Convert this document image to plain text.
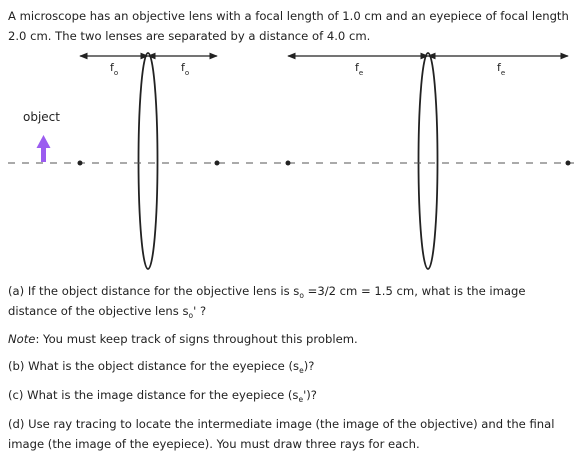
A microscope has an objective lens with a focal length of 1.0 cm and an eyepiece of focal length 2.0 cm. The two lenses are separated by a distance of 4.0 cm.

$f_o$	$f_o$	$f_e$	$f_e$
object

(a) If the object distance for the objective lens is $s_o =3/2$ cm = 1.5 cm, what is the image distance of the objective lens $s_o'$ ?

Note: You must keep track of signs throughout this problem.

(b) What is the object distance for the eyepiece $(s_e)$?

(c) What is the image distance for the eyepiece $(s_e')$?

(d) Use ray tracing to locate the intermediate image (the image of the objective) and the final image (the image of the eyepiece). You must draw three rays for each.
